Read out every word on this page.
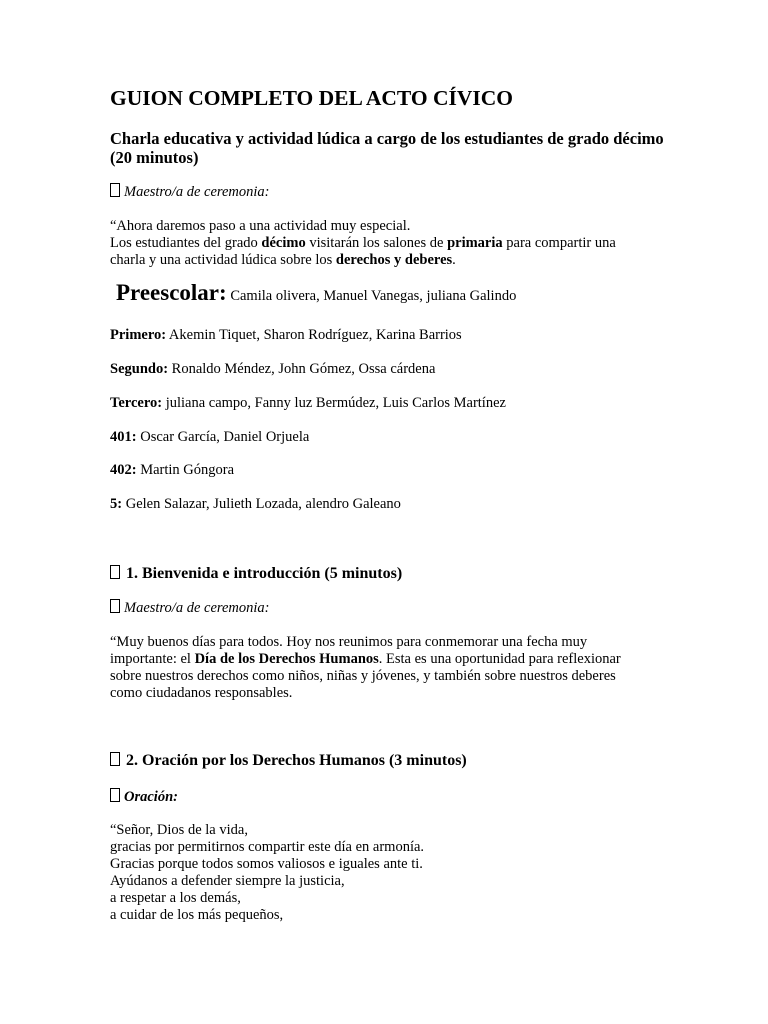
GUION COMPLETO DEL ACTO CÍVICO
Charla educativa y actividad lúdica a cargo de los estudiantes de grado décimo (20 minutos)
Maestro/a de ceremonia:
“Ahora daremos paso a una actividad muy especial.
Los estudiantes del grado décimo visitarán los salones de primaria para compartir una
charla y una actividad lúdica sobre los derechos y deberes.
Preescolar: Camila olivera, Manuel Vanegas, juliana Galindo
Primero: Akemin Tiquet, Sharon Rodríguez, Karina Barrios
Segundo: Ronaldo Méndez, John Gómez, Ossa cárdena
Tercero: juliana campo, Fanny luz Bermúdez, Luis Carlos Martínez
401: Oscar García, Daniel Orjuela
402: Martin Góngora
5: Gelen Salazar, Julieth Lozada, alendro Galeano
1. Bienvenida e introducción (5 minutos)
Maestro/a de ceremonia:
“Muy buenos días para todos. Hoy nos reunimos para conmemorar una fecha muy
importante: el Día de los Derechos Humanos. Esta es una oportunidad para reflexionar
sobre nuestros derechos como niños, niñas y jóvenes, y también sobre nuestros deberes
como ciudadanos responsables.
2. Oración por los Derechos Humanos (3 minutos)
Oración:
“Señor, Dios de la vida,
gracias por permitirnos compartir este día en armonía.
Gracias porque todos somos valiosos e iguales ante ti.
Ayúdanos a defender siempre la justicia,
a respetar a los demás,
a cuidar de los más pequeños,
